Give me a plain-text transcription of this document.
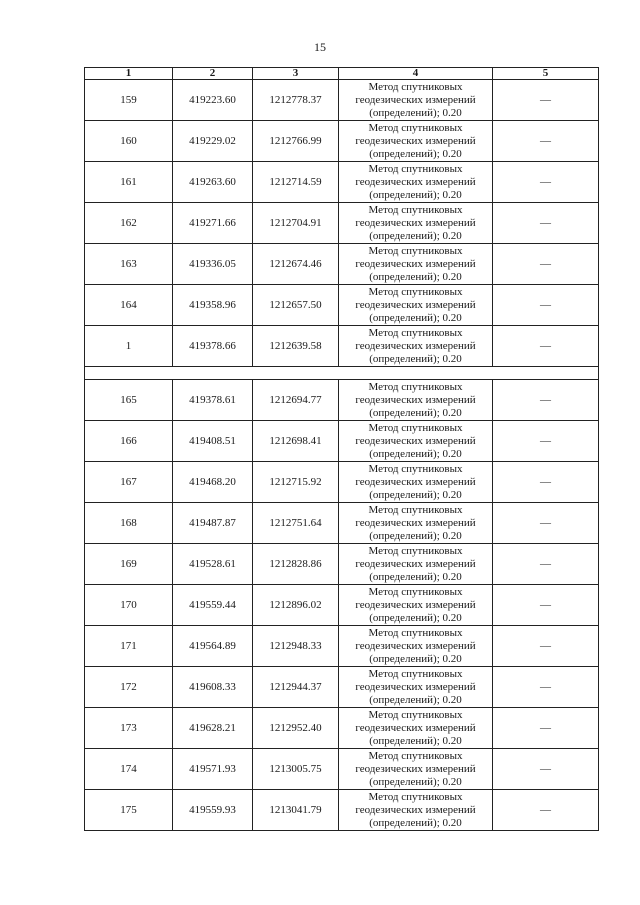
15
1	2	3	4	5
159	419223.60	1212778.37	Метод спутниковых
геодезических измерений
(определений); 0.20	—
160	419229.02	1212766.99	Метод спутниковых
геодезических измерений
(определений); 0.20	—
161	419263.60	1212714.59	Метод спутниковых
геодезических измерений
(определений); 0.20	—
162	419271.66	1212704.91	Метод спутниковых
геодезических измерений
(определений); 0.20	—
163	419336.05	1212674.46	Метод спутниковых
геодезических измерений
(определений); 0.20	—
164	419358.96	1212657.50	Метод спутниковых
геодезических измерений
(определений); 0.20	—
1	419378.66	1212639.58	Метод спутниковых
геодезических измерений
(определений); 0.20	—

165	419378.61	1212694.77	Метод спутниковых
геодезических измерений
(определений); 0.20	—
166	419408.51	1212698.41	Метод спутниковых
геодезических измерений
(определений); 0.20	—
167	419468.20	1212715.92	Метод спутниковых
геодезических измерений
(определений); 0.20	—
168	419487.87	1212751.64	Метод спутниковых
геодезических измерений
(определений); 0.20	—
169	419528.61	1212828.86	Метод спутниковых
геодезических измерений
(определений); 0.20	—
170	419559.44	1212896.02	Метод спутниковых
геодезических измерений
(определений); 0.20	—
171	419564.89	1212948.33	Метод спутниковых
геодезических измерений
(определений); 0.20	—
172	419608.33	1212944.37	Метод спутниковых
геодезических измерений
(определений); 0.20	—
173	419628.21	1212952.40	Метод спутниковых
геодезических измерений
(определений); 0.20	—
174	419571.93	1213005.75	Метод спутниковых
геодезических измерений
(определений); 0.20	—
175	419559.93	1213041.79	Метод спутниковых
геодезических измерений
(определений); 0.20	—
